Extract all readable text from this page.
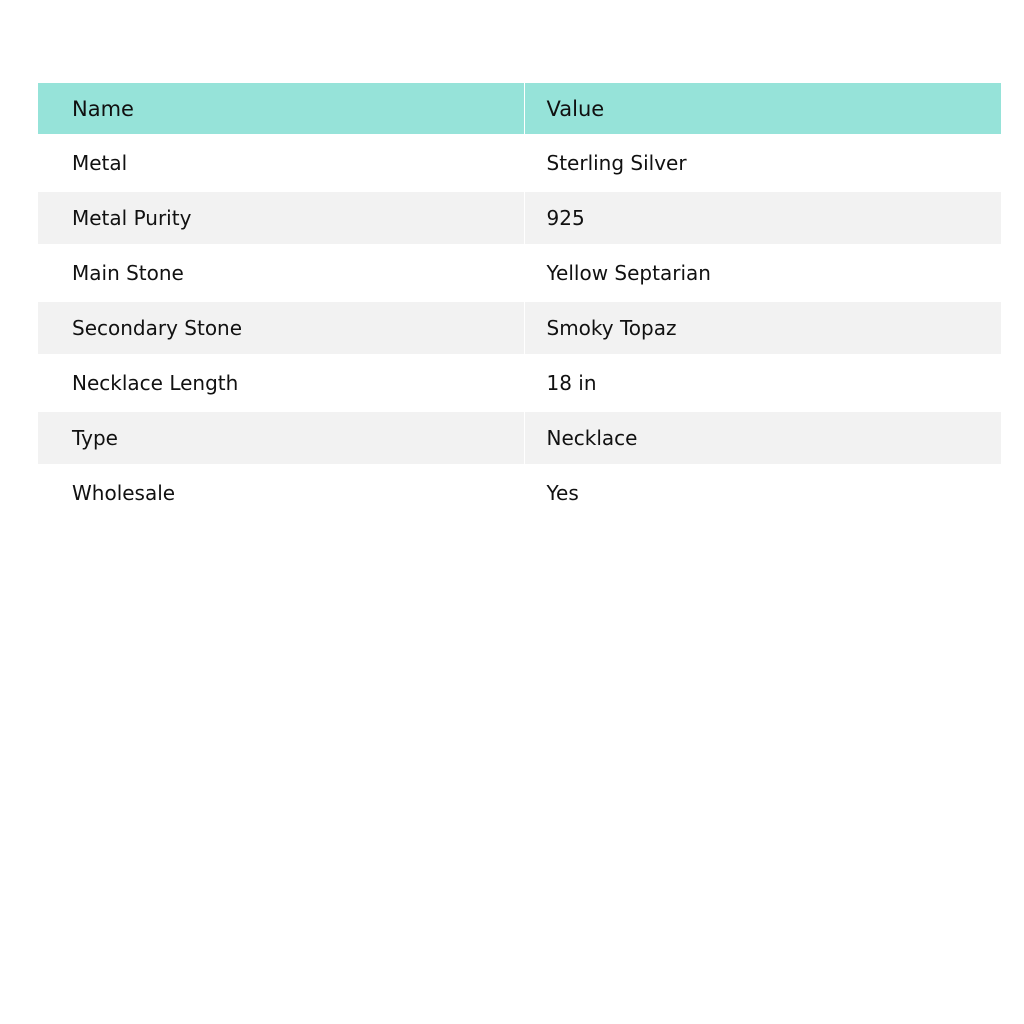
Name	Value
Metal	Sterling Silver
Metal Purity	925
Main Stone	Yellow Septarian
Secondary Stone	Smoky Topaz
Necklace Length	18 in
Type	Necklace
Wholesale	Yes
